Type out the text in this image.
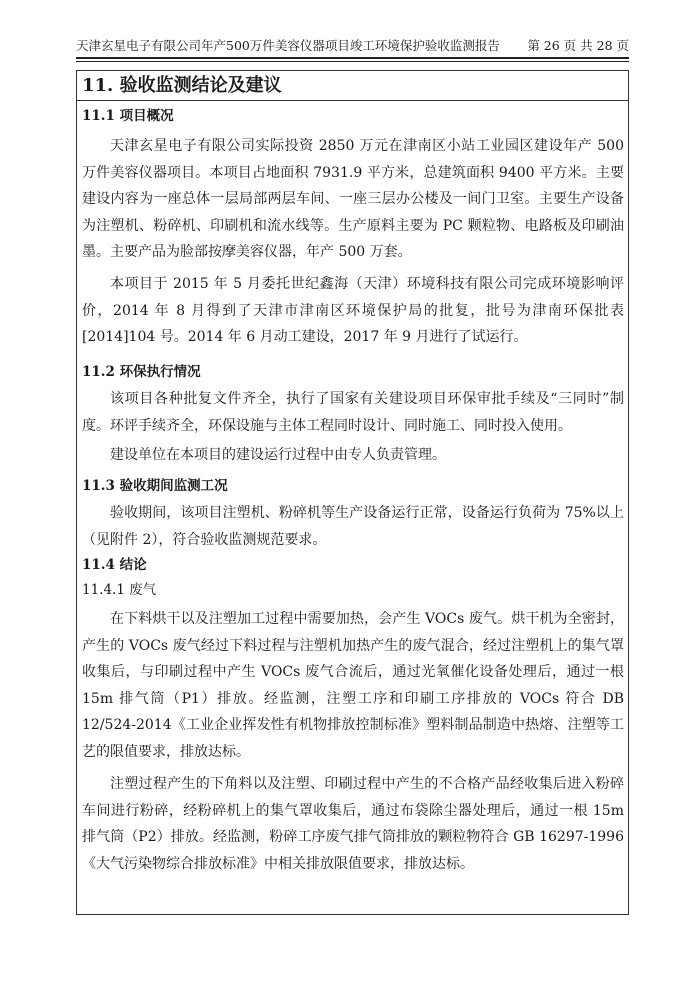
天津玄星电子有限公司年产500万件美容仪器项目竣工环境保护验收监测报告 第 26 页 共 28 页
11. 验收监测结论及建议
11.1 项目概况
天津玄星电子有限公司实际投资 2850 万元在津南区小站工业园区建设年产 500 万件美容仪器项目。本项目占地面积 7931.9 平方米，总建筑面积 9400 平方米。主要建设内容为一座总体一层局部两层车间、一座三层办公楼及一间门卫室。主要生产设备为注塑机、粉碎机、印刷机和流水线等。生产原料主要为 PC 颗粒物、电路板及印刷油墨。主要产品为脸部按摩美容仪器，年产 500 万套。
本项目于 2015 年 5 月委托世纪鑫海（天津）环境科技有限公司完成环境影响评价，2014 年 8 月得到了天津市津南区环境保护局的批复，批号为津南环保批表[2014]104 号。2014 年 6 月动工建设，2017 年 9 月进行了试运行。
11.2 环保执行情况
该项目各种批复文件齐全，执行了国家有关建设项目环保审批手续及“三同时”制度。环评手续齐全，环保设施与主体工程同时设计、同时施工、同时投入使用。
建设单位在本项目的建设运行过程中由专人负责管理。
11.3 验收期间监测工况
验收期间，该项目注塑机、粉碎机等生产设备运行正常，设备运行负荷为 75%以上（见附件 2），符合验收监测规范要求。
11.4 结论
11.4.1 废气
在下料烘干以及注塑加工过程中需要加热，会产生 VOCs 废气。烘干机为全密封，产生的 VOCs 废气经过下料过程与注塑机加热产生的废气混合，经过注塑机上的集气罩收集后，与印刷过程中产生 VOCs 废气合流后，通过光氧催化设备处理后，通过一根 15m 排气筒（P1）排放。经监测，注塑工序和印刷工序排放的 VOCs 符合 DB 12/524-2014《工业企业挥发性有机物排放控制标准》塑料制品制造中热熔、注塑等工艺的限值要求，排放达标。
注塑过程产生的下角料以及注塑、印刷过程中产生的不合格产品经收集后进入粉碎车间进行粉碎，经粉碎机上的集气罩收集后，通过布袋除尘器处理后，通过一根 15m 排气筒（P2）排放。经监测，粉碎工序废气排气筒排放的颗粒物符合 GB 16297-1996《大气污染物综合排放标准》中相关排放限值要求，排放达标。
